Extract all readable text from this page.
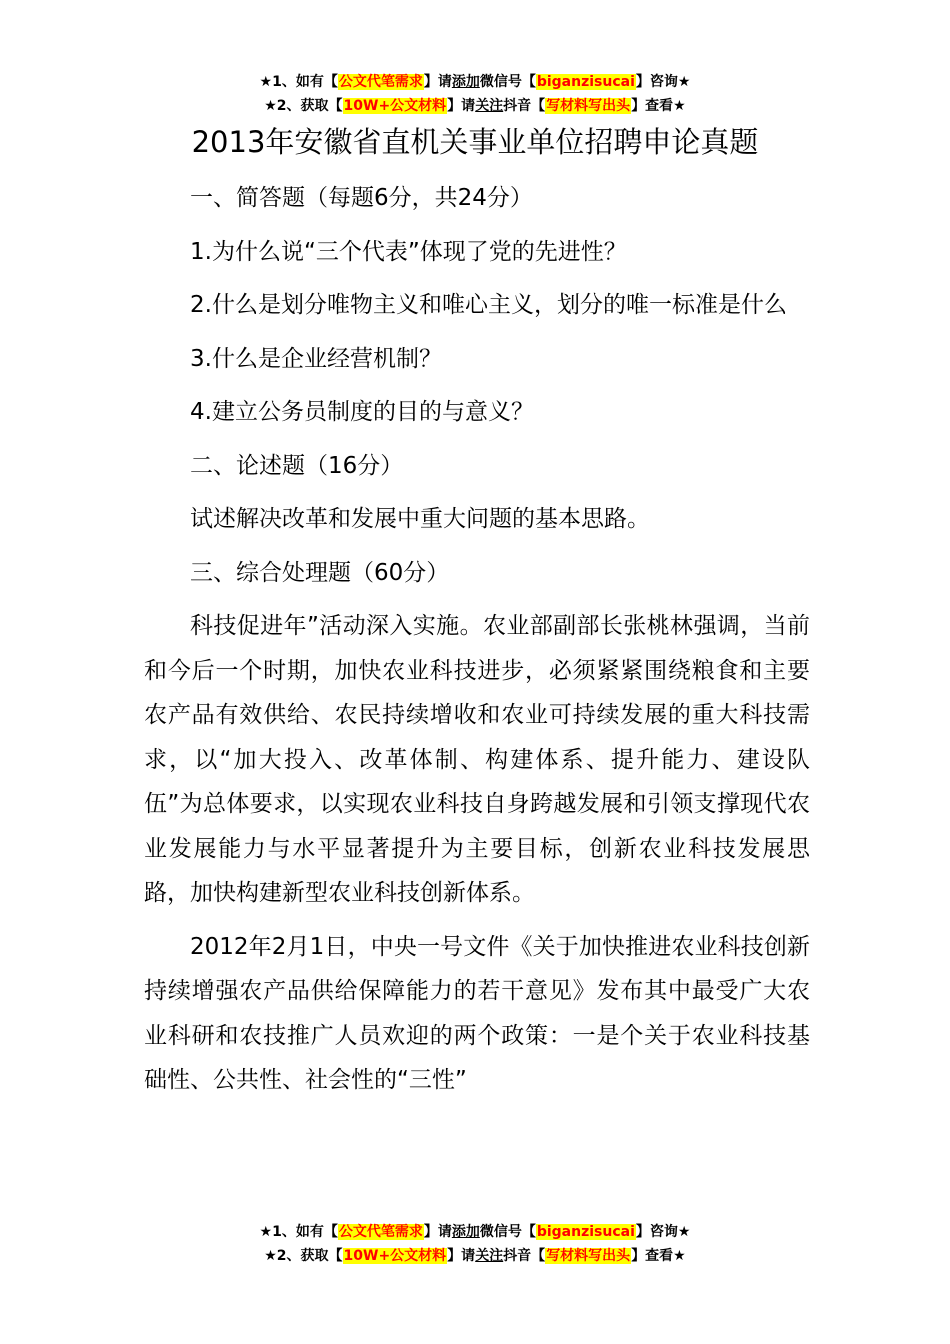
★1、如有【公文代笔需求】请添加微信号【biganzisucai】咨询★
★2、获取【10W+公文材料】请关注抖音【写材料写出头】查看★
2013年安徽省直机关事业单位招聘申论真题

一、简答题（每题6分，共24分）

1.为什么说“三个代表”体现了党的先进性？

2.什么是划分唯物主义和唯心主义，划分的唯一标准是什么

3.什么是企业经营机制？

4.建立公务员制度的目的与意义？

二、论述题（16分）

试述解决改革和发展中重大问题的基本思路。

三、综合处理题（60分）

科技促进年”活动深入实施。农业部副部长张桃林强调，当前和今后一个时期，加快农业科技进步，必须紧紧围绕粮食和主要农产品有效供给、农民持续增收和农业可持续发展的重大科技需求，以“加大投入、改革体制、构建体系、提升能力、建设队伍”为总体要求，以实现农业科技自身跨越发展和引领支撑现代农业发展能力与水平显著提升为主要目标，创新农业科技发展思路，加快构建新型农业科技创新体系。

2012年2月1日，中央一号文件《关于加快推进农业科技创新持续增强农产品供给保障能力的若干意见》发布其中最受广大农业科研和农技推广人员欢迎的两个政策：一是个关于农业科技基础性、公共性、社会性的“三性”

★1、如有【公文代笔需求】请添加微信号【biganzisucai】咨询★
★2、获取【10W+公文材料】请关注抖音【写材料写出头】查看★
